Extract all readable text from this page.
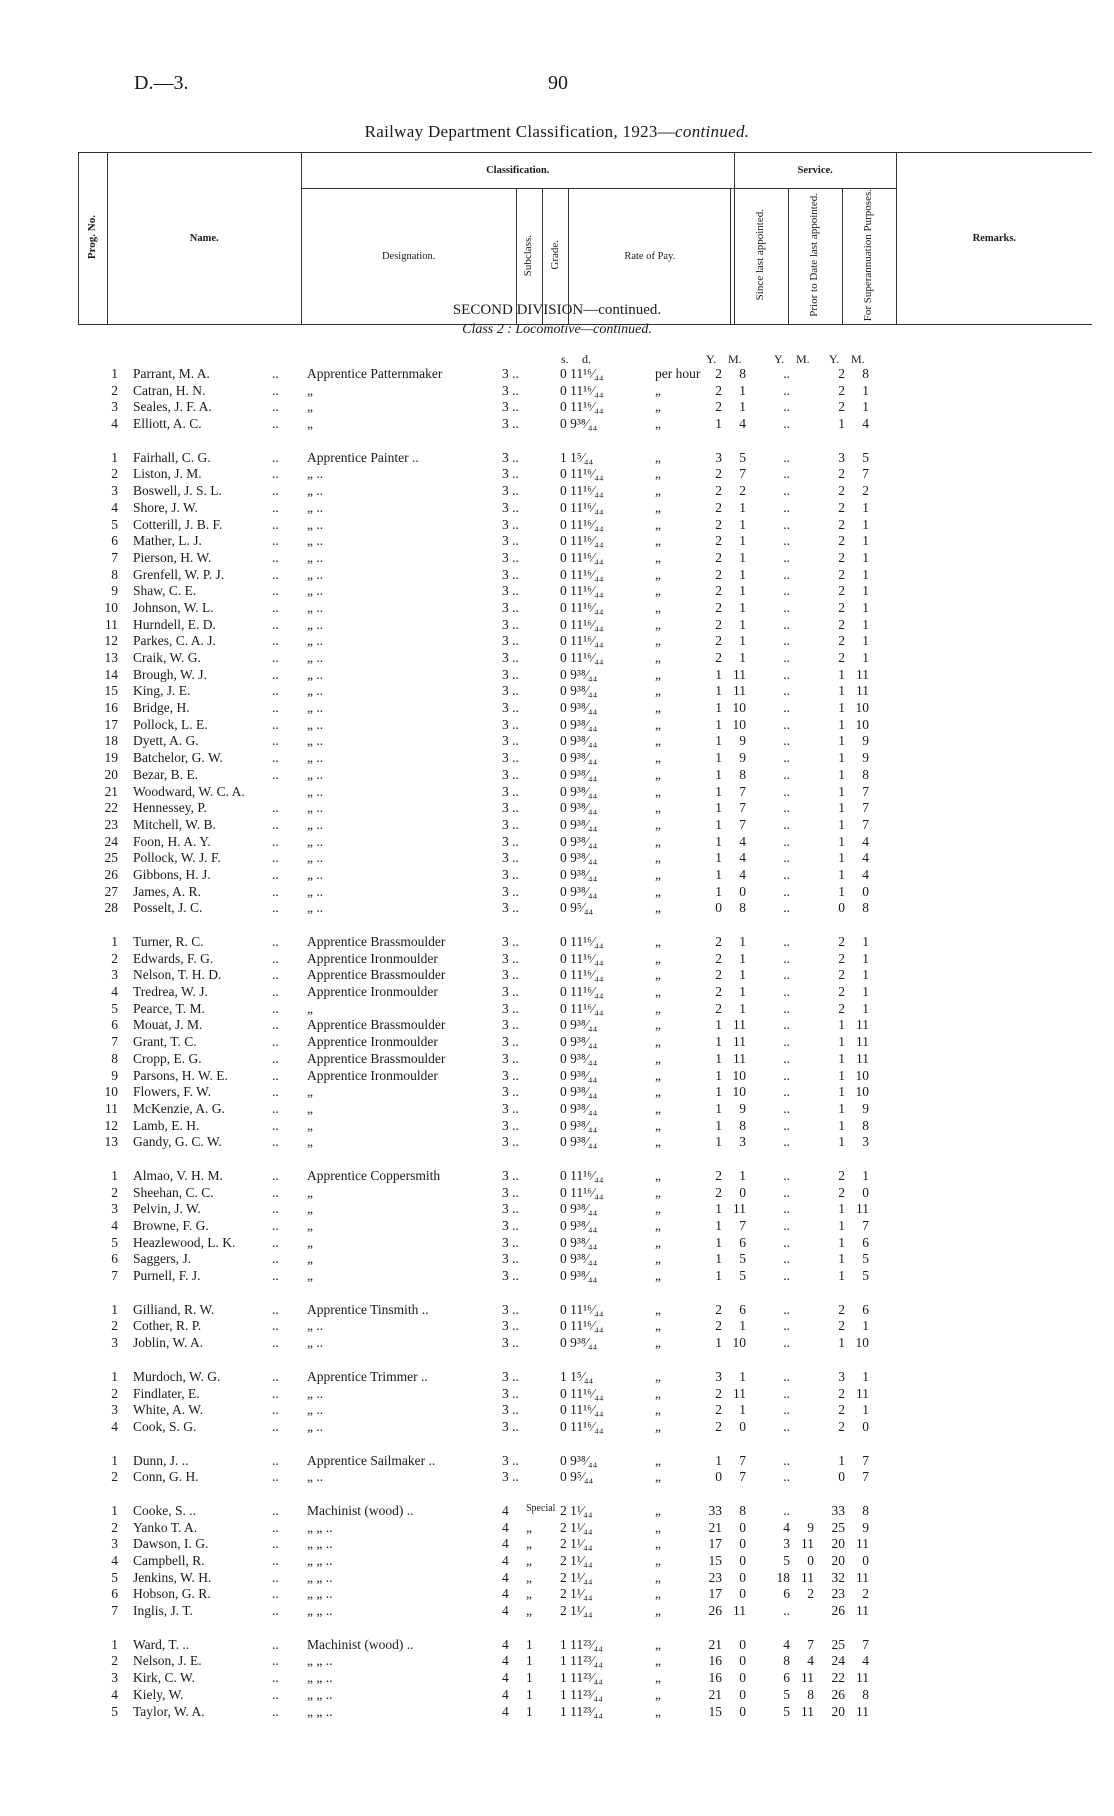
D.—3.	90
Railway Department Classification, 1923—continued.
Prog. No.	Name.	Classification.					Service.			Remarks.
		Designation.	Subclass.	Grade.	Rate of Pay.		Since last appointed.	Prior to Date last appointed.	For Superannuation Purposes.	
SECOND DIVISION—continued.
Class 2 : Locomotive—continued.
s. d.	Y. M.	Y. M. Y. M.
1 Parrant, M. A.	.. Apprentice Patternmaker	3 ..	0 11¹⁶⁄₄₄	per hour	2	8	..	2	8
2 Catran, H. N.	.. „	3 ..	0 11¹⁶⁄₄₄	„	2	1	..	2	1
3 Seales, J. F. A.	.. „	3 ..	0 11¹⁶⁄₄₄	„	2	1	..	2	1
4 Elliott, A. C.	.. „	3 ..	0 9³⁸⁄₄₄	„	1	4	..	1	4
1 Fairhall, C. G.	.. Apprentice Painter ..	3 ..	1 1⁵⁄₄₄	„	3	5	..	3	5
2 Liston, J. M.	.. „ ..	3 ..	0 11¹⁶⁄₄₄	„	2	7	..	2	7
3 Boswell, J. S. L.	.. „ ..	3 ..	0 11¹⁶⁄₄₄	„	2	2	..	2	2
4 Shore, J. W.	.. „ ..	3 ..	0 11¹⁶⁄₄₄	„	2	1	..	2	1
5 Cotterill, J. B. F.	.. „ ..	3 ..	0 11¹⁶⁄₄₄	„	2	1	..	2	1
6 Mather, L. J.	.. „ ..	3 ..	0 11¹⁶⁄₄₄	„	2	1	..	2	1
7 Pierson, H. W.	.. „ ..	3 ..	0 11¹⁶⁄₄₄	„	2	1	..	2	1
8 Grenfell, W. P. J.	.. „ ..	3 ..	0 11¹⁶⁄₄₄	„	2	1	..	2	1
9 Shaw, C. E.	.. „ ..	3 ..	0 11¹⁶⁄₄₄	„	2	1	..	2	1
10 Johnson, W. L.	.. „ ..	3 ..	0 11¹⁶⁄₄₄	„	2	1	..	2	1
11 Hurndell, E. D.	.. „ ..	3 ..	0 11¹⁶⁄₄₄	„	2	1	..	2	1
12 Parkes, C. A. J.	.. „ ..	3 ..	0 11¹⁶⁄₄₄	„	2	1	..	2	1
13 Craik, W. G.	.. „ ..	3 ..	0 11¹⁶⁄₄₄	„	2	1	..	2	1
14 Brough, W. J.	.. „ ..	3 ..	0 9³⁸⁄₄₄	„	1 11	..	1 11
15 King, J. E.	.. „ ..	3 ..	0 9³⁸⁄₄₄	„	1 11	..	1 11
16 Bridge, H.	.. „ ..	3 ..	0 9³⁸⁄₄₄	„	1 10	..	1 10
17 Pollock, L. E.	.. „ ..	3 ..	0 9³⁸⁄₄₄	„	1 10	..	1 10
18 Dyett, A. G.	.. „ ..	3 ..	0 9³⁸⁄₄₄	„	1	9	..	1	9
19 Batchelor, G. W.	.. „ ..	3 ..	0 9³⁸⁄₄₄	„	1	9	..	1	9
20 Bezar, B. E.	.. „ ..	3 ..	0 9³⁸⁄₄₄	„	1	8	..	1	8
21 Woodward, W. C. A.	„ ..	3 ..	0 9³⁸⁄₄₄	„	1	7	..	1	7
22 Hennessey, P.	.. „ ..	3 ..	0 9³⁸⁄₄₄	„	1	7	..	1	7
23 Mitchell, W. B.	.. „ ..	3 ..	0 9³⁸⁄₄₄	„	1	7	..	1	7
24 Foon, H. A. Y.	.. „ ..	3 ..	0 9³⁸⁄₄₄	„	1	4	..	1	4
25 Pollock, W. J. F.	.. „ ..	3 ..	0 9³⁸⁄₄₄	„	1	4	..	1	4
26 Gibbons, H. J.	.. „ ..	3 ..	0 9³⁸⁄₄₄	„	1	4	..	1	4
27 James, A. R.	.. „ ..	3 ..	0 9³⁸⁄₄₄	„	1	0	..	1	0
28 Posselt, J. C.	.. „ ..	3 ..	0 9⁵⁄₄₄	„	0	8	..	0	8
1 Turner, R. C.	.. Apprentice Brassmoulder	3 ..	0 11¹⁶⁄₄₄	„	2	1	..	2	1
2 Edwards, F. G.	.. Apprentice Ironmoulder	3 ..	0 11¹⁶⁄₄₄	„	2	1	..	2	1
3 Nelson, T. H. D.	.. Apprentice Brassmoulder	3 ..	0 11¹⁶⁄₄₄	„	2	1	..	2	1
4 Tredrea, W. J.	.. Apprentice Ironmoulder	3 ..	0 11¹⁶⁄₄₄	„	2	1	..	2	1
5 Pearce, T. M.	.. „	3 ..	0 11¹⁶⁄₄₄	„	2	1	..	2	1
6 Mouat, J. M.	.. Apprentice Brassmoulder	3 ..	0 9³⁸⁄₄₄	„	1 11	..	1 11
7 Grant, T. C.	.. Apprentice Ironmoulder	3 ..	0 9³⁸⁄₄₄	„	1 11	..	1 11
8 Cropp, E. G.	.. Apprentice Brassmoulder	3 ..	0 9³⁸⁄₄₄	„	1 11	..	1 11
9 Parsons, H. W. E.	.. Apprentice Ironmoulder	3 ..	0 9³⁸⁄₄₄	„	1 10	..	1 10
10 Flowers, F. W.	.. „	3 ..	0 9³⁸⁄₄₄	„	1 10	..	1 10
11 McKenzie, A. G.	.. „	3 ..	0 9³⁸⁄₄₄	„	1	9	..	1	9
12 Lamb, E. H.	.. „	3 ..	0 9³⁸⁄₄₄	„	1	8	..	1	8
13 Gandy, G. C. W.	.. „	3 ..	0 9³⁸⁄₄₄	„	1	3	..	1	3
1 Almao, V. H. M.	.. Apprentice Coppersmith	3 ..	0 11¹⁶⁄₄₄	„	2	1	..	2	1
2 Sheehan, C. C.	.. „	3 ..	0 11¹⁶⁄₄₄	„	2	0	..	2	0
3 Pelvin, J. W.	.. „	3 ..	0 9³⁸⁄₄₄	„	1 11	..	1 11
4 Browne, F. G.	.. „	3 ..	0 9³⁸⁄₄₄	„	1	7	..	1	7
5 Heazlewood, L. K.	.. „	3 ..	0 9³⁸⁄₄₄	„	1	6	..	1	6
6 Saggers, J.	.. „	3 ..	0 9³⁸⁄₄₄	„	1	5	..	1	5
7 Purnell, F. J.	.. „	3 ..	0 9³⁸⁄₄₄	„	1	5	..	1	5
1 Gilliand, R. W.	.. Apprentice Tinsmith ..	3 ..	0 11¹⁶⁄₄₄	„	2	6	..	2	6
2 Cother, R. P.	.. „ ..	3 ..	0 11¹⁶⁄₄₄	„	2	1	..	2	1
3 Joblin, W. A.	.. „ ..	3 ..	0 9³⁸⁄₄₄	„	1 10	..	1 10
1 Murdoch, W. G.	.. Apprentice Trimmer ..	3 ..	1 1⁵⁄₄₄	„	3	1	..	3	1
2 Findlater, E.	.. „ ..	3 ..	0 11¹⁶⁄₄₄	„	2 11	..	2 11
3 White, A. W.	.. „ ..	3 ..	0 11¹⁶⁄₄₄	„	2	1	..	2	1
4 Cook, S. G.	.. „ ..	3 ..	0 11¹⁶⁄₄₄	„	2	0	..	2	0
1 Dunn, J. ..	.. Apprentice Sailmaker ..	3 ..	0 9³⁸⁄₄₄	„	1	7	..	1	7
2 Conn, G. H.	.. „ ..	3 ..	0 9⁵⁄₄₄	„	0	7	..	0	7
1 Cooke, S. ..	.. Machinist (wood) ..	4 Special 2 1¹⁄₄₄	„	33	8	..	33	8
2 Yanko T. A.	.. „ „ ..	4 „ 2 1¹⁄₄₄	„	21	0	4	9	25	9
3 Dawson, I. G.	.. „ „ ..	4 „ 2 1¹⁄₄₄	„	17	0	3 11	20 11
4 Campbell, R.	.. „ „ ..	4 „ 2 1¹⁄₄₄	„	15	0	5	0	20	0
5 Jenkins, W. H.	.. „ „ ..	4 „ 2 1¹⁄₄₄	„	23	0	18 11	32 11
6 Hobson, G. R.	.. „ „ ..	4 „ 2 1¹⁄₄₄	„	17	0	6	2	23	2
7 Inglis, J. T.	.. „ „ ..	4 „ 2 1¹⁄₄₄	„	26 11	..	26 11
1 Ward, T. ..	.. Machinist (wood) ..	4 1 1 11²³⁄₄₄	„	21	0	4	7	25	7
2 Nelson, J. E.	.. „ „ ..	4 1 1 11²³⁄₄₄	„	16	0	8	4	24	4
3 Kirk, C. W.	.. „ „ ..	4 1 1 11²³⁄₄₄	„	16	0	6 11	22 11
4 Kiely, W.	.. „ „ ..	4 1 1 11²³⁄₄₄	„	21	0	5	8	26	8
5 Taylor, W. A.	.. „ „ ..	4 1 1 11²³⁄₄₄	„	15	0	5 11	20 11
